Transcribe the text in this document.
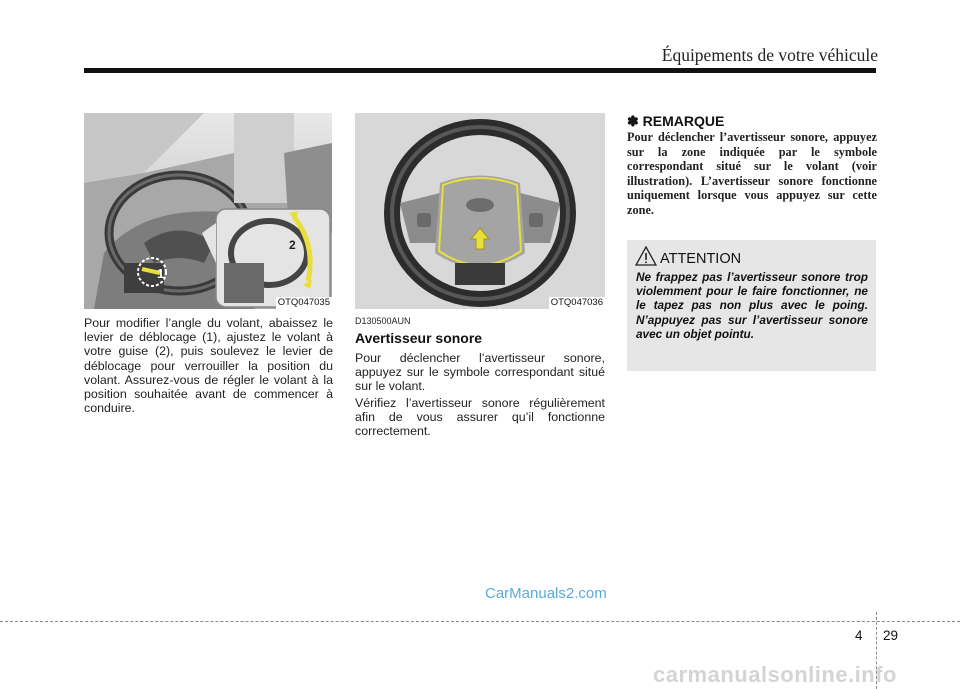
Équipements de votre véhicule
2
1
OTQ047035	OTQ047036
Pour modifier l’angle du volant, abaissez le levier de déblocage (1), ajustez le volant à votre guise (2), puis soulevez le levier de déblocage pour verrouiller la position du volant. Assurez-vous de régler le volant à la position souhaitée avant de commencer à conduire.
D130500AUN
Avertisseur sonore
Pour déclencher l’avertisseur sonore, appuyez sur le symbole correspondant situé sur le volant.
Vérifiez l’avertisseur sonore régulièrement afin de vous assurer qu’il fonctionne correctement.
✽ REMARQUE
Pour déclencher l’avertisseur sonore, appuyez sur la zone indiquée par le symbole correspondant situé sur le volant (voir illustration). L’avertisseur sonore fonctionne uniquement lorsque vous appuyez sur cette zone.
ATTENTION
Ne frappez pas l’avertisseur sonore trop violemment pour le faire fonctionner, ne le tapez pas non plus avec le poing. N’appuyez pas sur l’avertisseur sonore avec un objet pointu.
CarManuals2.com
carmanualsonline.info
4 29
